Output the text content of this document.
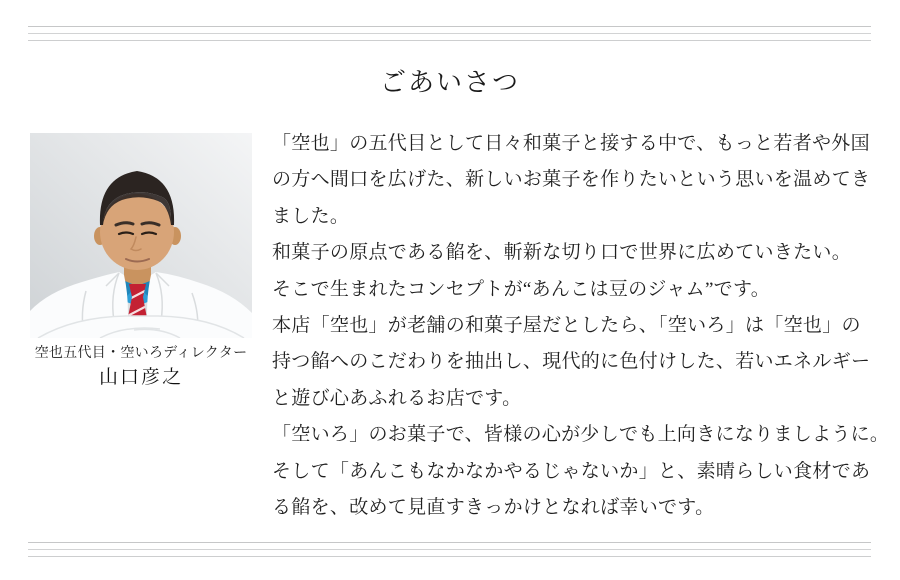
ごあいさつ
空也五代目・空いろディレクター
山口彦之
「空也」の五代目として日々和菓子と接する中で、もっと若者や外国
の方へ間口を広げた、新しいお菓子を作りたいという思いを温めてき
ました。
和菓子の原点である餡を、斬新な切り口で世界に広めていきたい。
そこで生まれたコンセプトが“あんこは豆のジャム”です。
本店「空也」が老舗の和菓子屋だとしたら、「空いろ」は「空也」の
持つ餡へのこだわりを抽出し、現代的に色付けした、若いエネルギー
と遊び心あふれるお店です。
「空いろ」のお菓子で、皆様の心が少しでも上向きになりましように。
そして「あんこもなかなかやるじゃないか」と、素晴らしい食材であ
る餡を、改めて見直すきっかけとなれば幸いです。
